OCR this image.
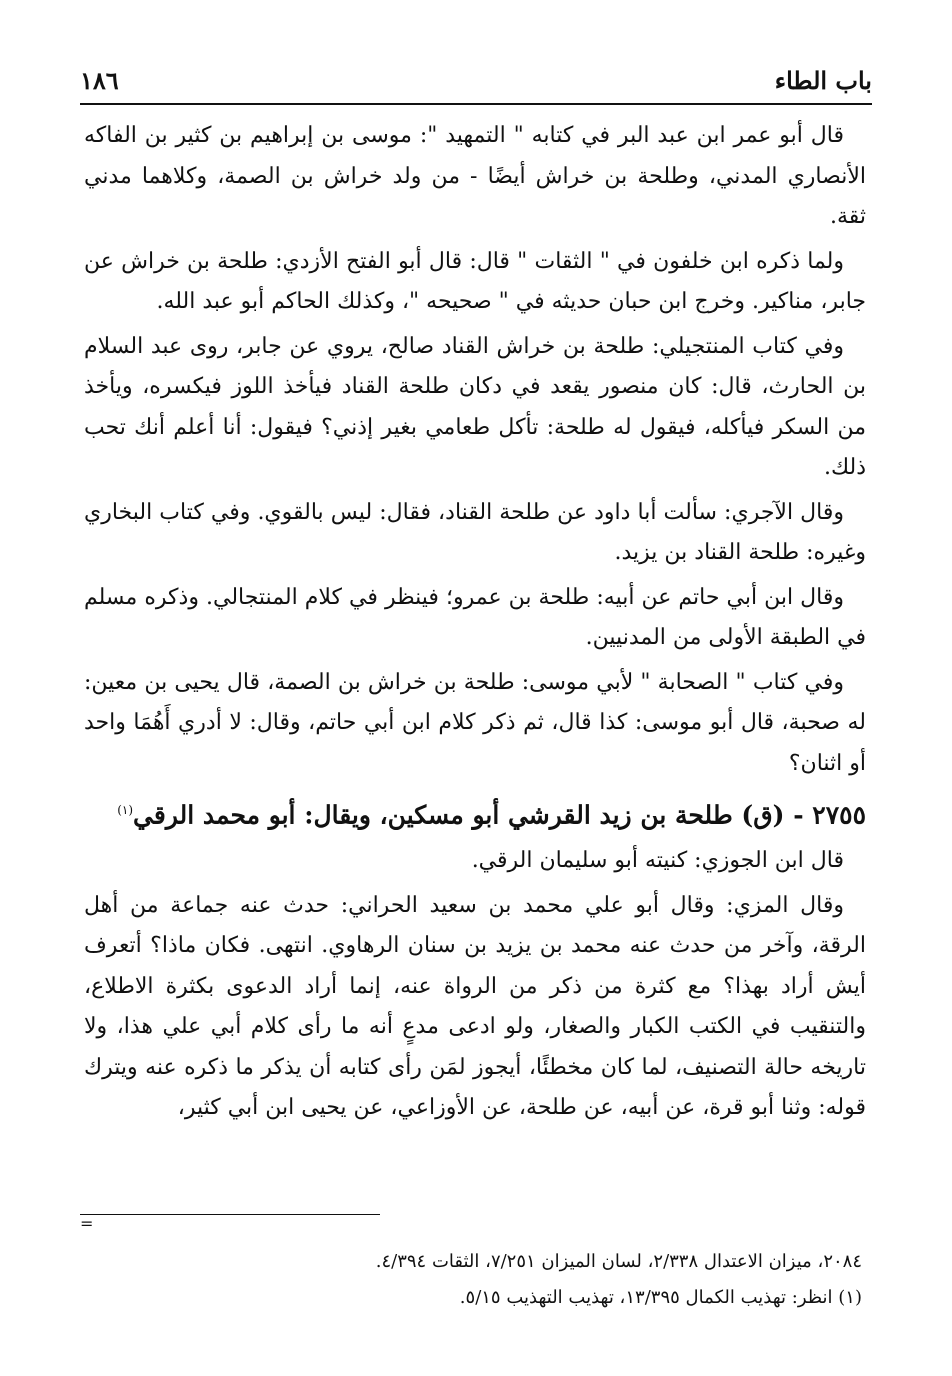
١٨٦	باب الطاء

قال أبو عمر ابن عبد البر في كتابه " التمهيد ": موسى بن إبراهيم بن كثير بن الفاكه الأنصاري المدني، وطلحة بن خراش أيضًا - من ولد خراش بن الصمة، وكلاهما مدني ثقة.

ولما ذكره ابن خلفون في " الثقات " قال: قال أبو الفتح الأزدي: طلحة بن خراش عن جابر، مناكير. وخرج ابن حبان حديثه في " صحيحه "، وكذلك الحاكم أبو عبد الله.

وفي كتاب المنتجيلي: طلحة بن خراش القناد صالح، يروي عن جابر، روى عبد السلام بن الحارث، قال: كان منصور يقعد في دكان طلحة القناد فيأخذ اللوز فيكسره، ويأخذ من السكر فيأكله، فيقول له طلحة: تأكل طعامي بغير إذني؟ فيقول: أنا أعلم أنك تحب ذلك.

وقال الآجري: سألت أبا داود عن طلحة القناد، فقال: ليس بالقوي. وفي كتاب البخاري وغيره: طلحة القناد بن يزيد.

وقال ابن أبي حاتم عن أبيه: طلحة بن عمرو؛ فينظر في كلام المنتجالي. وذكره مسلم في الطبقة الأولى من المدنيين.

وفي كتاب " الصحابة " لأبي موسى: طلحة بن خراش بن الصمة، قال يحيى بن معين: له صحبة، قال أبو موسى: كذا قال، ثم ذكر كلام ابن أبي حاتم، وقال: لا أدري أَهُمَا واحد أو اثنان؟

٢٧٥٥ - (ق) طلحة بن زيد القرشي أبو مسكين، ويقال: أبو محمد الرقي$^{(١)}$

قال ابن الجوزي: كنيته أبو سليمان الرقي.

وقال المزي: وقال أبو علي محمد بن سعيد الحراني: حدث عنه جماعة من أهل الرقة، وآخر من حدث عنه محمد بن يزيد بن سنان الرهاوي. انتهى. فكان ماذا؟ أتعرف أيش أراد بهذا؟ مع كثرة من ذكر من الرواة عنه، إنما أراد الدعوى بكثرة الاطلاع، والتنقيب في الكتب الكبار والصغار، ولو ادعى مدعٍ أنه ما رأى كلام أبي علي هذا، ولا تاريخه حالة التصنيف، لما كان مخطئًا، أيجوز لمَن رأى كتابه أن يذكر ما ذكره عنه ويترك قوله: وثنا أبو قرة، عن أبيه، عن طلحة، عن الأوزاعي، عن يحيى ابن أبي كثير،

=
٢٠٨٤، ميزان الاعتدال ٢/٣٣٨، لسان الميزان ٧/٢٥١، الثقات ٤/٣٩٤.
(١) انظر: تهذيب الكمال ١٣/٣٩٥، تهذيب التهذيب ٥/١٥.
